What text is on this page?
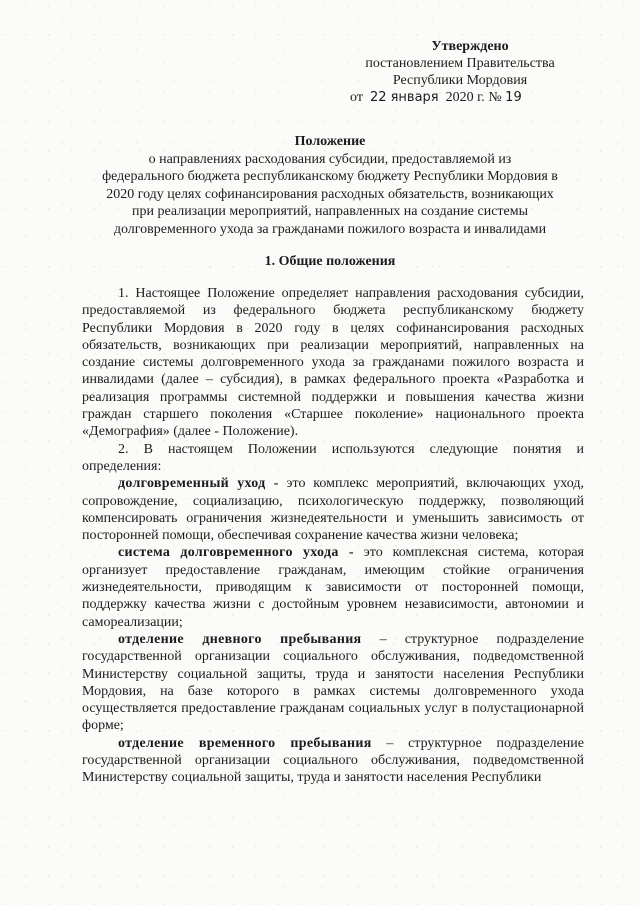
Утверждено
постановлением Правительства
Республики Мордовия
от 22 января 2020 г. № 19
Положение
о направлениях расходования субсидии, предоставляемой из
федерального бюджета республиканскому бюджету Республики Мордовия в
2020 году целях софинансирования расходных обязательств, возникающих
при реализации мероприятий, направленных на создание системы
долговременного ухода за гражданами пожилого возраста и инвалидами
1. Общие положения

1. Настоящее Положение определяет направления расходования субсидии, предоставляемой из федерального бюджета республиканскому бюджету Республики Мордовия в 2020 году в целях софинансирования расходных обязательств, возникающих при реализации мероприятий, направленных на создание системы долговременного ухода за гражданами пожилого возраста и инвалидами (далее – субсидия), в рамках федерального проекта «Разработка и реализация программы системной поддержки и повышения качества жизни граждан старшего поколения «Старшее поколение» национального проекта «Демография» (далее - Положение).

2. В настоящем Положении используются следующие понятия и определения:

долговременный уход - это комплекс мероприятий, включающих уход, сопровождение, социализацию, психологическую поддержку, позволяющий компенсировать ограничения жизнедеятельности и уменьшить зависимость от посторонней помощи, обеспечивая сохранение качества жизни человека;

система долговременного ухода - это комплексная система, которая организует предоставление гражданам, имеющим стойкие ограничения жизнедеятельности, приводящим к зависимости от посторонней помощи, поддержку качества жизни с достойным уровнем независимости, автономии и самореализации;

отделение дневного пребывания – структурное подразделение государственной организации социального обслуживания, подведомственной Министерству социальной защиты, труда и занятости населения Республики Мордовия, на базе которого в рамках системы долговременного ухода осуществляется предоставление гражданам социальных услуг в полустационарной форме;

отделение временного пребывания – структурное подразделение государственной организации социального обслуживания, подведомственной Министерству социальной защиты, труда и занятости населения Республики
